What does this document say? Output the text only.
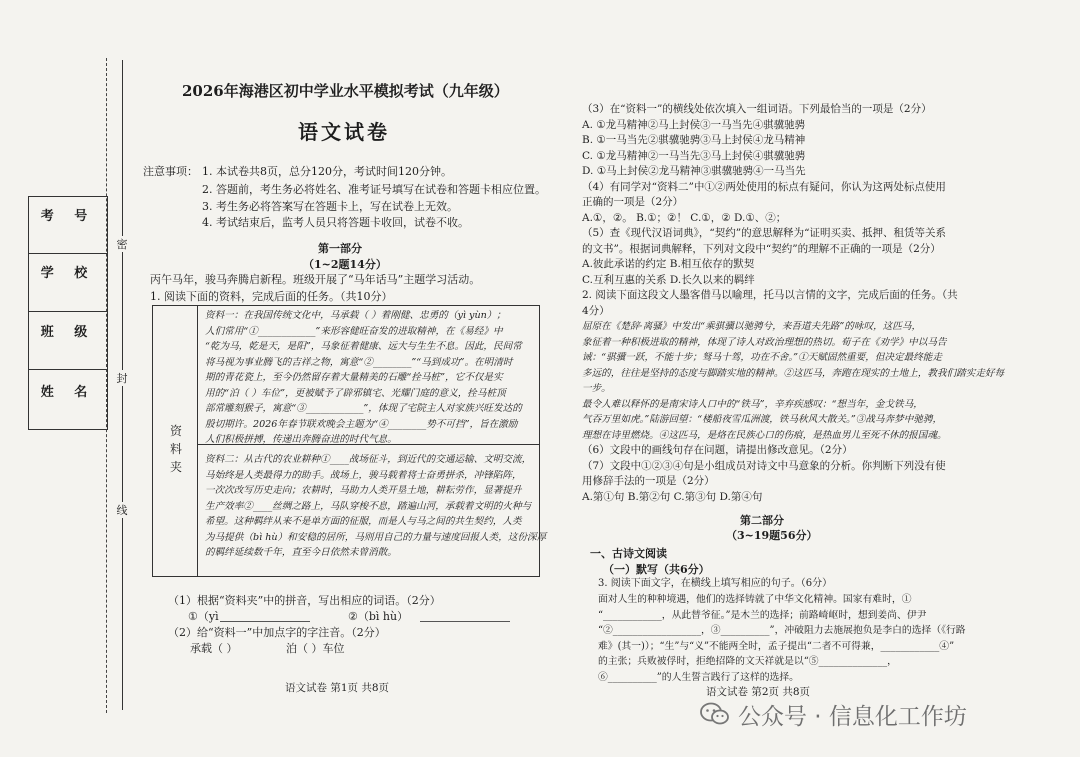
密
封
线
考 号
学 校
班 级
姓 名
2026年海港区初中学业水平模拟考试（九年级）
语文试卷
注意事项： 1. 本试卷共8页，总分120分，考试时间120分钟。
2. 答题前，考生务必将姓名、准考证号填写在试卷和答题卡相应位置。
3. 考生务必将答案写在答题卡上，写在试卷上无效。
4. 考试结束后，监考人员只将答题卡收回，试卷不收。
第一部分
（1~2题14分）
丙午马年，骏马奔腾启新程。班级开展了“马年话马”主题学习活动。
1. 阅读下面的资料，完成后面的任务。（共10分）
资
料
夹

资料一：在我国传统文化中，马承载（ ）着刚健、忠勇的（yì yùn）；

人们常用“①____________”来形容健旺奋发的进取精神，在《易经》中

“乾为马，乾是天，是阳”，马象征着健康、远大与生生不息。因此，民间常

将马视为事业腾飞的吉祥之物，寓意“②________”“马到成功”。在明清时

期的青花瓷上，至今仍然留存着大量精美的石雕“拴马桩”，它不仅是实

用的“泊（ ）车位”，更被赋予了辟邪镇宅、光耀门庭的意义，拴马桩顶

部常雕刻猴子，寓意“③____________”，体现了宅院主人对家族兴旺发达的

殷切期许。2026年春节联欢晚会主题为“④________势不可挡”，旨在激励

人们积极拼搏，传递出奔腾奋进的时代气息。

资料二：从古代的农业耕种①____战场征斗，到近代的交通运输、文明交流，

马始终是人类最得力的助手。战场上，骏马载着将士奋勇拼杀，冲锋陷阵，

一次次改写历史走向；农耕时，马助力人类开垦土地，耕耘劳作，显著提升

生产效率②____丝绸之路上，马队穿梭不息，踏遍山河，承载着文明的火种与

希望。这种羁绊从来不是单方面的征服，而是人与马之间的共生契约，人类

为马提供（bì hù）和安稳的居所，马则用自己的力量与速度回报人类，这份深厚

的羁绊延续数千年，直至今日依然未曾消散。

（1）根据“资料夹”中的拼音，写出相应的词语。（2分）
①（yì	②（bì hù）
（2）给“资料一”中加点字的字注音。（2分）
承载（ ）	泊（ ）车位
语文试卷 第1页 共8页

（3）在“资料一”的横线处依次填入一组词语。下列最恰当的一项是（2分）

A. ①龙马精神②马上封侯③一马当先④骐骥驰骋

B. ①一马当先②骐骥驰骋③马上封侯④龙马精神

C. ①龙马精神②一马当先③马上封侯④骐骥驰骋

D. ①马上封侯②龙马精神③骐骥驰骋④一马当先

（4）有同学对“资料二”中①②两处使用的标点有疑问，你认为这两处标点使用

正确的一项是（2分）

A.①，②。 B.①；②！ C.①，② D.①、②；

（5）查《现代汉语词典》，“契约”的意思解释为“证明买卖、抵押、租赁等关系

的文书”。根据词典解释，下列对文段中“契约”的理解不正确的一项是（2分）

A.彼此承诺的约定 B.相互依存的默契

C.互利互惠的关系 D.长久以来的羁绊

2. 阅读下面这段文人墨客借马以喻理，托马以言情的文字，完成后面的任务。（共

4分）

屈原在《楚辞·离骚》中发出“乘骐骥以驰骋兮，来吾道夫先路”的咏叹，这匹马，

象征着一种积极进取的精神，体现了诗人对政治理想的热切。荀子在《劝学》中以马告

诫：“骐骥一跃，不能十步；驽马十驾，功在不舍。”①天赋固然重要，但决定最终能走

多远的，往往是坚持的态度与脚踏实地的精神。②这匹马，奔跑在现实的土地上，教我们踏实走好每

一步。

最令人难以释怀的是南宋诗人口中的“铁马”，辛弃疾感叹：“想当年，金戈铁马，

气吞万里如虎。”陆游回望：“楼船夜雪瓜洲渡，铁马秋风大散关。”③战马奔梦中驰骋，

理想在诗里燃烧。④这匹马，是烙在民族心口的伤痕，是热血男儿至死不休的报国魂。

（6）文段中的画线句存在问题，请提出修改意见。（2分）

（7）文段中①②③④句是小组成员对诗文中马意象的分析。你判断下列没有使

用修辞手法的一项是（2分）

A.第①句 B.第②句 C.第③句 D.第④句

第二部分
（3~19题56分）
一、古诗文阅读
（一）默写（共6分）
3. 阅读下面文字，在横线上填写相应的句子。（6分）

面对人生的种种境遇，他们的选择铸就了中华文化精神。国家有难时，①

“____________，从此替爷征。”是木兰的选择；前路崎岖时，想到姜尚、伊尹

“②__________________，③__________”，冲破阻力去施展抱负是李白的选择（《行路

难》(其一)）；“生”与“义”不能两全时，孟子提出“二者不可得兼，____________④”

的主张；兵败被俘时，拒绝招降的文天祥就是以“⑤______________，

⑥__________”的人生誓言践行了这样的选择。

语文试卷 第2页 共8页
公众号 · 信息化工作坊
